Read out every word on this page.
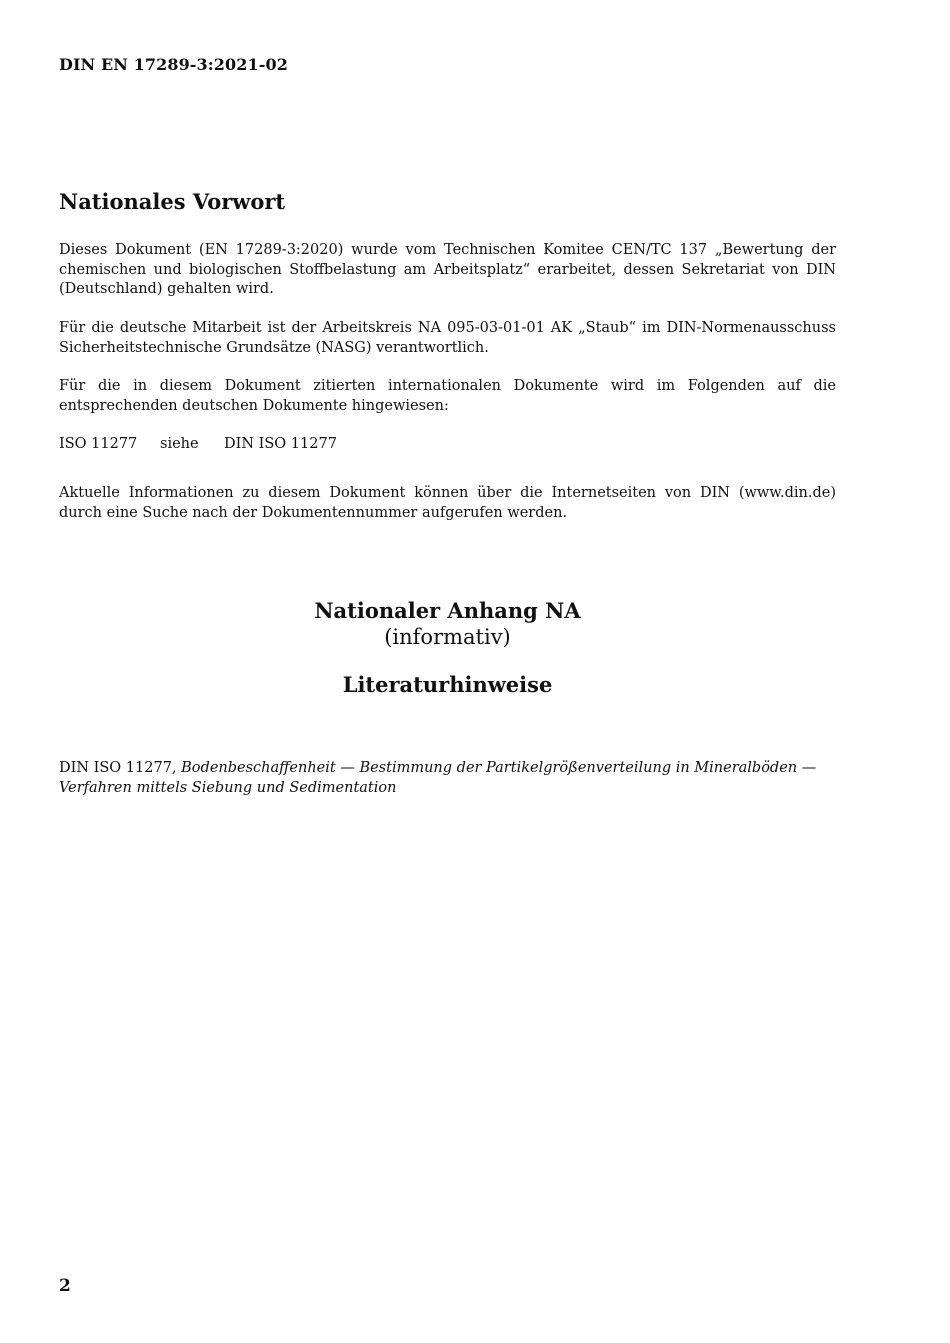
DIN EN 17289-3:2021-02
Nationales Vorwort
Dieses Dokument (EN 17289-3:2020) wurde vom Technischen Komitee CEN/TC 137 „Bewertung der chemischen und biologischen Stoffbelastung am Arbeitsplatz“ erarbeitet, dessen Sekretariat von DIN (Deutschland) gehalten wird.
Für die deutsche Mitarbeit ist der Arbeitskreis NA 095-03-01-01 AK „Staub“ im DIN-Normenausschuss Sicherheitstechnische Grundsätze (NASG) verantwortlich.
Für die in diesem Dokument zitierten internationalen Dokumente wird im Folgenden auf die entsprechenden deutschen Dokumente hingewiesen:
ISO 11277 siehe DIN ISO 11277
Aktuelle Informationen zu diesem Dokument können über die Internetseiten von DIN (www.din.de) durch eine Suche nach der Dokumentennummer aufgerufen werden.
Nationaler Anhang NA
(informativ)
Literaturhinweise
DIN ISO 11277, Bodenbeschaffenheit — Bestimmung der Partikelgrößenverteilung in Mineralböden — Verfahren mittels Siebung und Sedimentation
2
